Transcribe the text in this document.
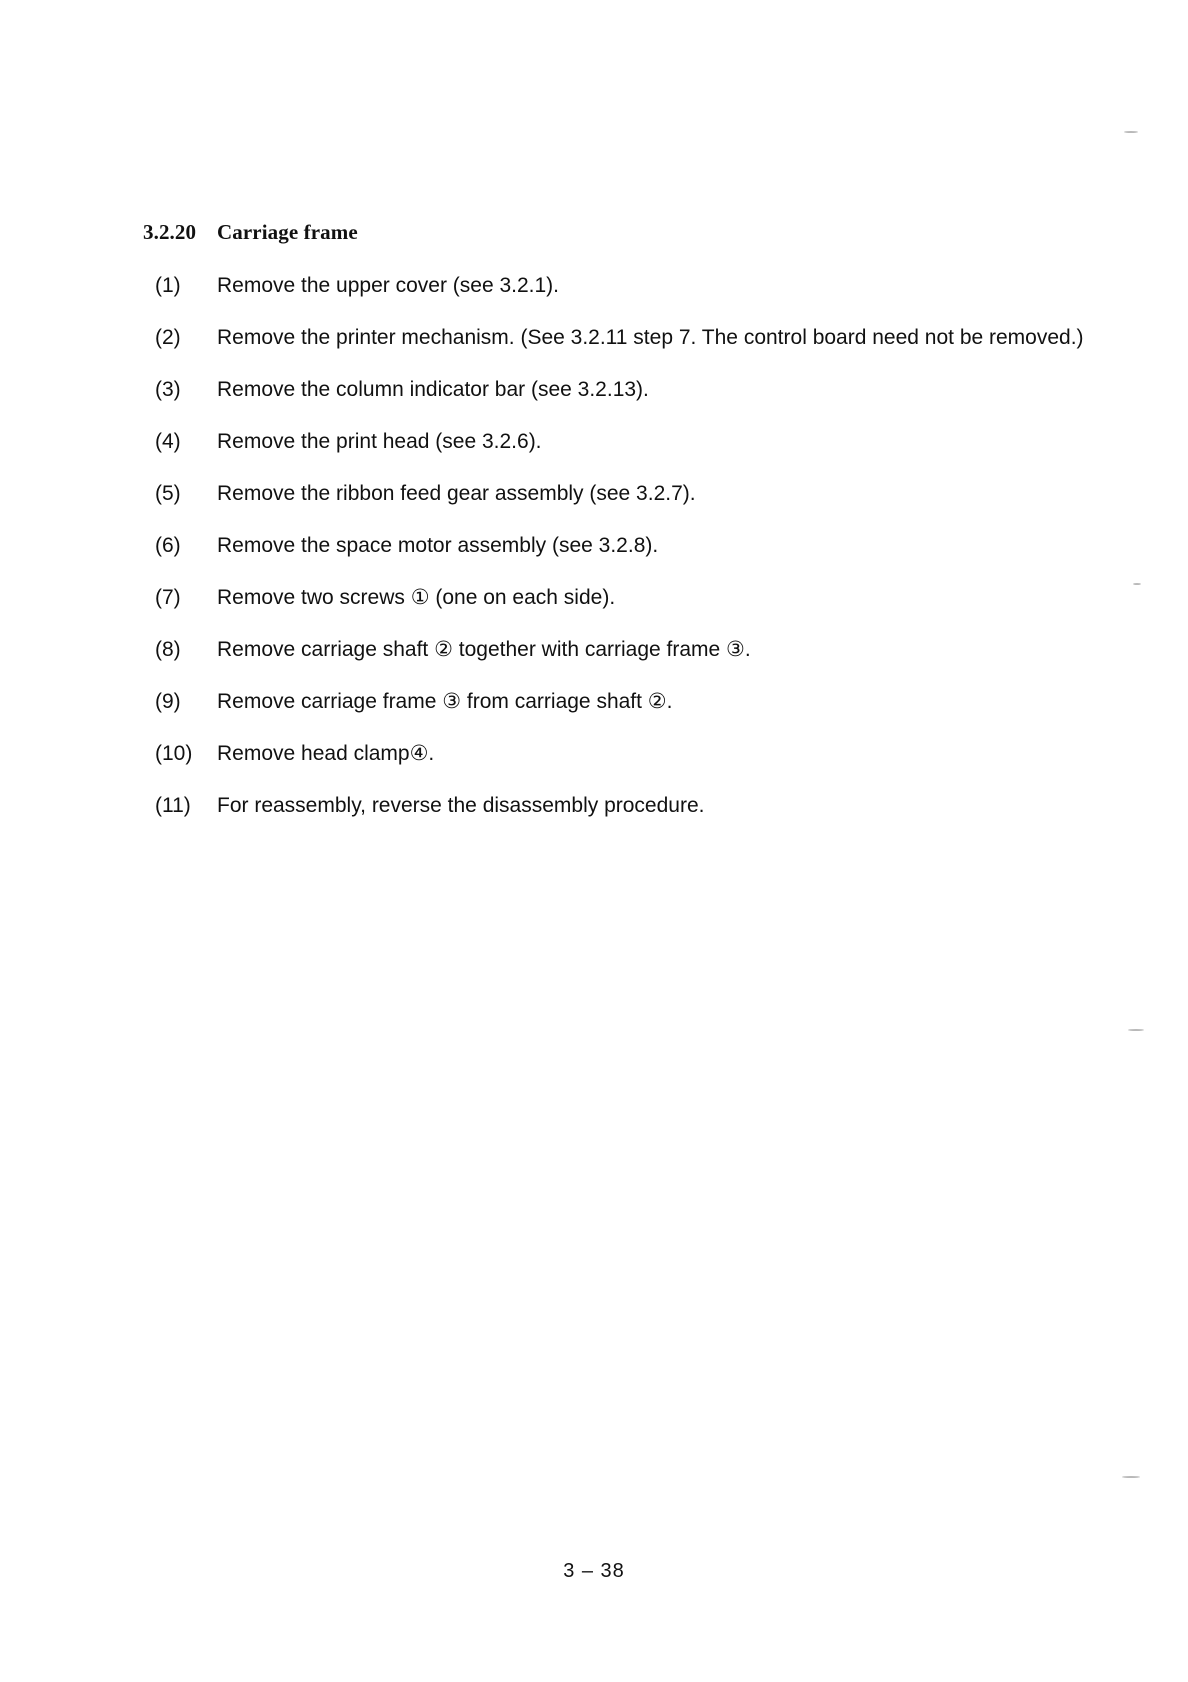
3.2.20 Carriage frame
(1)	Remove the upper cover (see 3.2.1).
(2)	Remove the printer mechanism. (See 3.2.11 step 7. The control board need not be removed.)
(3)	Remove the column indicator bar (see 3.2.13).
(4)	Remove the print head (see 3.2.6).
(5)	Remove the ribbon feed gear assembly (see 3.2.7).
(6)	Remove the space motor assembly (see 3.2.8).
(7)	Remove two screws ① (one on each side).
(8)	Remove carriage shaft ② together with carriage frame ③.
(9)	Remove carriage frame ③ from carriage shaft ②.
(10)	Remove head clamp④.
(11)	For reassembly, reverse the disassembly procedure.
3 – 38
